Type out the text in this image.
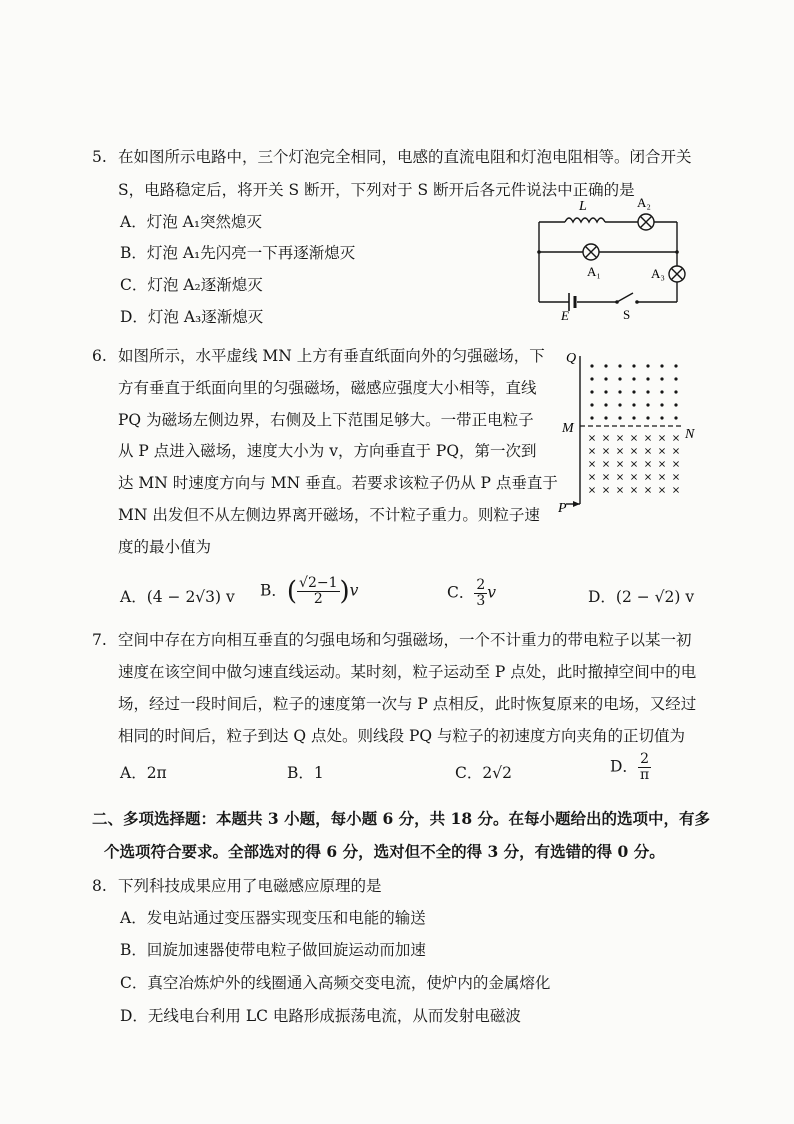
5. 在如图所示电路中，三个灯泡完全相同，电感的直流电阻和灯泡电阻相等。闭合开关
S，电路稳定后，将开关 S 断开，下列对于 S 断开后各元件说法中正确的是
A．灯泡 A₁突然熄灭
B．灯泡 A₁先闪亮一下再逐渐熄灭
C．灯泡 A₂逐渐熄灭
D．灯泡 A₃逐渐熄灭
L	A₂
A₁	A₃
E	S
6. 如图所示，水平虚线 MN 上方有垂直纸面向外的匀强磁场，下
方有垂直于纸面向里的匀强磁场，磁感应强度大小相等，直线
PQ 为磁场左侧边界，右侧及上下范围足够大。一带正电粒子
从 P 点进入磁场，速度大小为 v，方向垂直于 PQ，第一次到
达 MN 时速度方向与 MN 垂直。若要求该粒子仍从 P 点垂直于
MN 出发但不从左侧边界离开磁场，不计粒子重力。则粒子速
度的最小值为
Q
M	N
P
A．(4 − 2√3) v B．( $\frac{√2-1}{2} )v$	C． $\frac{2}{3}$ v	D．(2 − √2) v
7. 空间中存在方向相互垂直的匀强电场和匀强磁场，一个不计重力的带电粒子以某一初
速度在该空间中做匀速直线运动。某时刻，粒子运动至 P 点处，此时撤掉空间中的电
场，经过一段时间后，粒子的速度第一次与 P 点相反，此时恢复原来的电场，又经过
相同的时间后，粒子到达 Q 点处。则线段 PQ 与粒子的初速度方向夹角的正切值为
A．2π	B．1	C．2√2	D． $\frac{2}{\pi}$
二、多项选择题：本题共 3 小题，每小题 6 分，共 18 分。在每小题给出的选项中，有多
个选项符合要求。全部选对的得 6 分，选对但不全的得 3 分，有选错的得 0 分。
8. 下列科技成果应用了电磁感应原理的是
A．发电站通过变压器实现变压和电能的输送
B．回旋加速器使带电粒子做回旋运动而加速
C．真空冶炼炉外的线圈通入高频交变电流，使炉内的金属熔化
D．无线电台利用 LC 电路形成振荡电流，从而发射电磁波
